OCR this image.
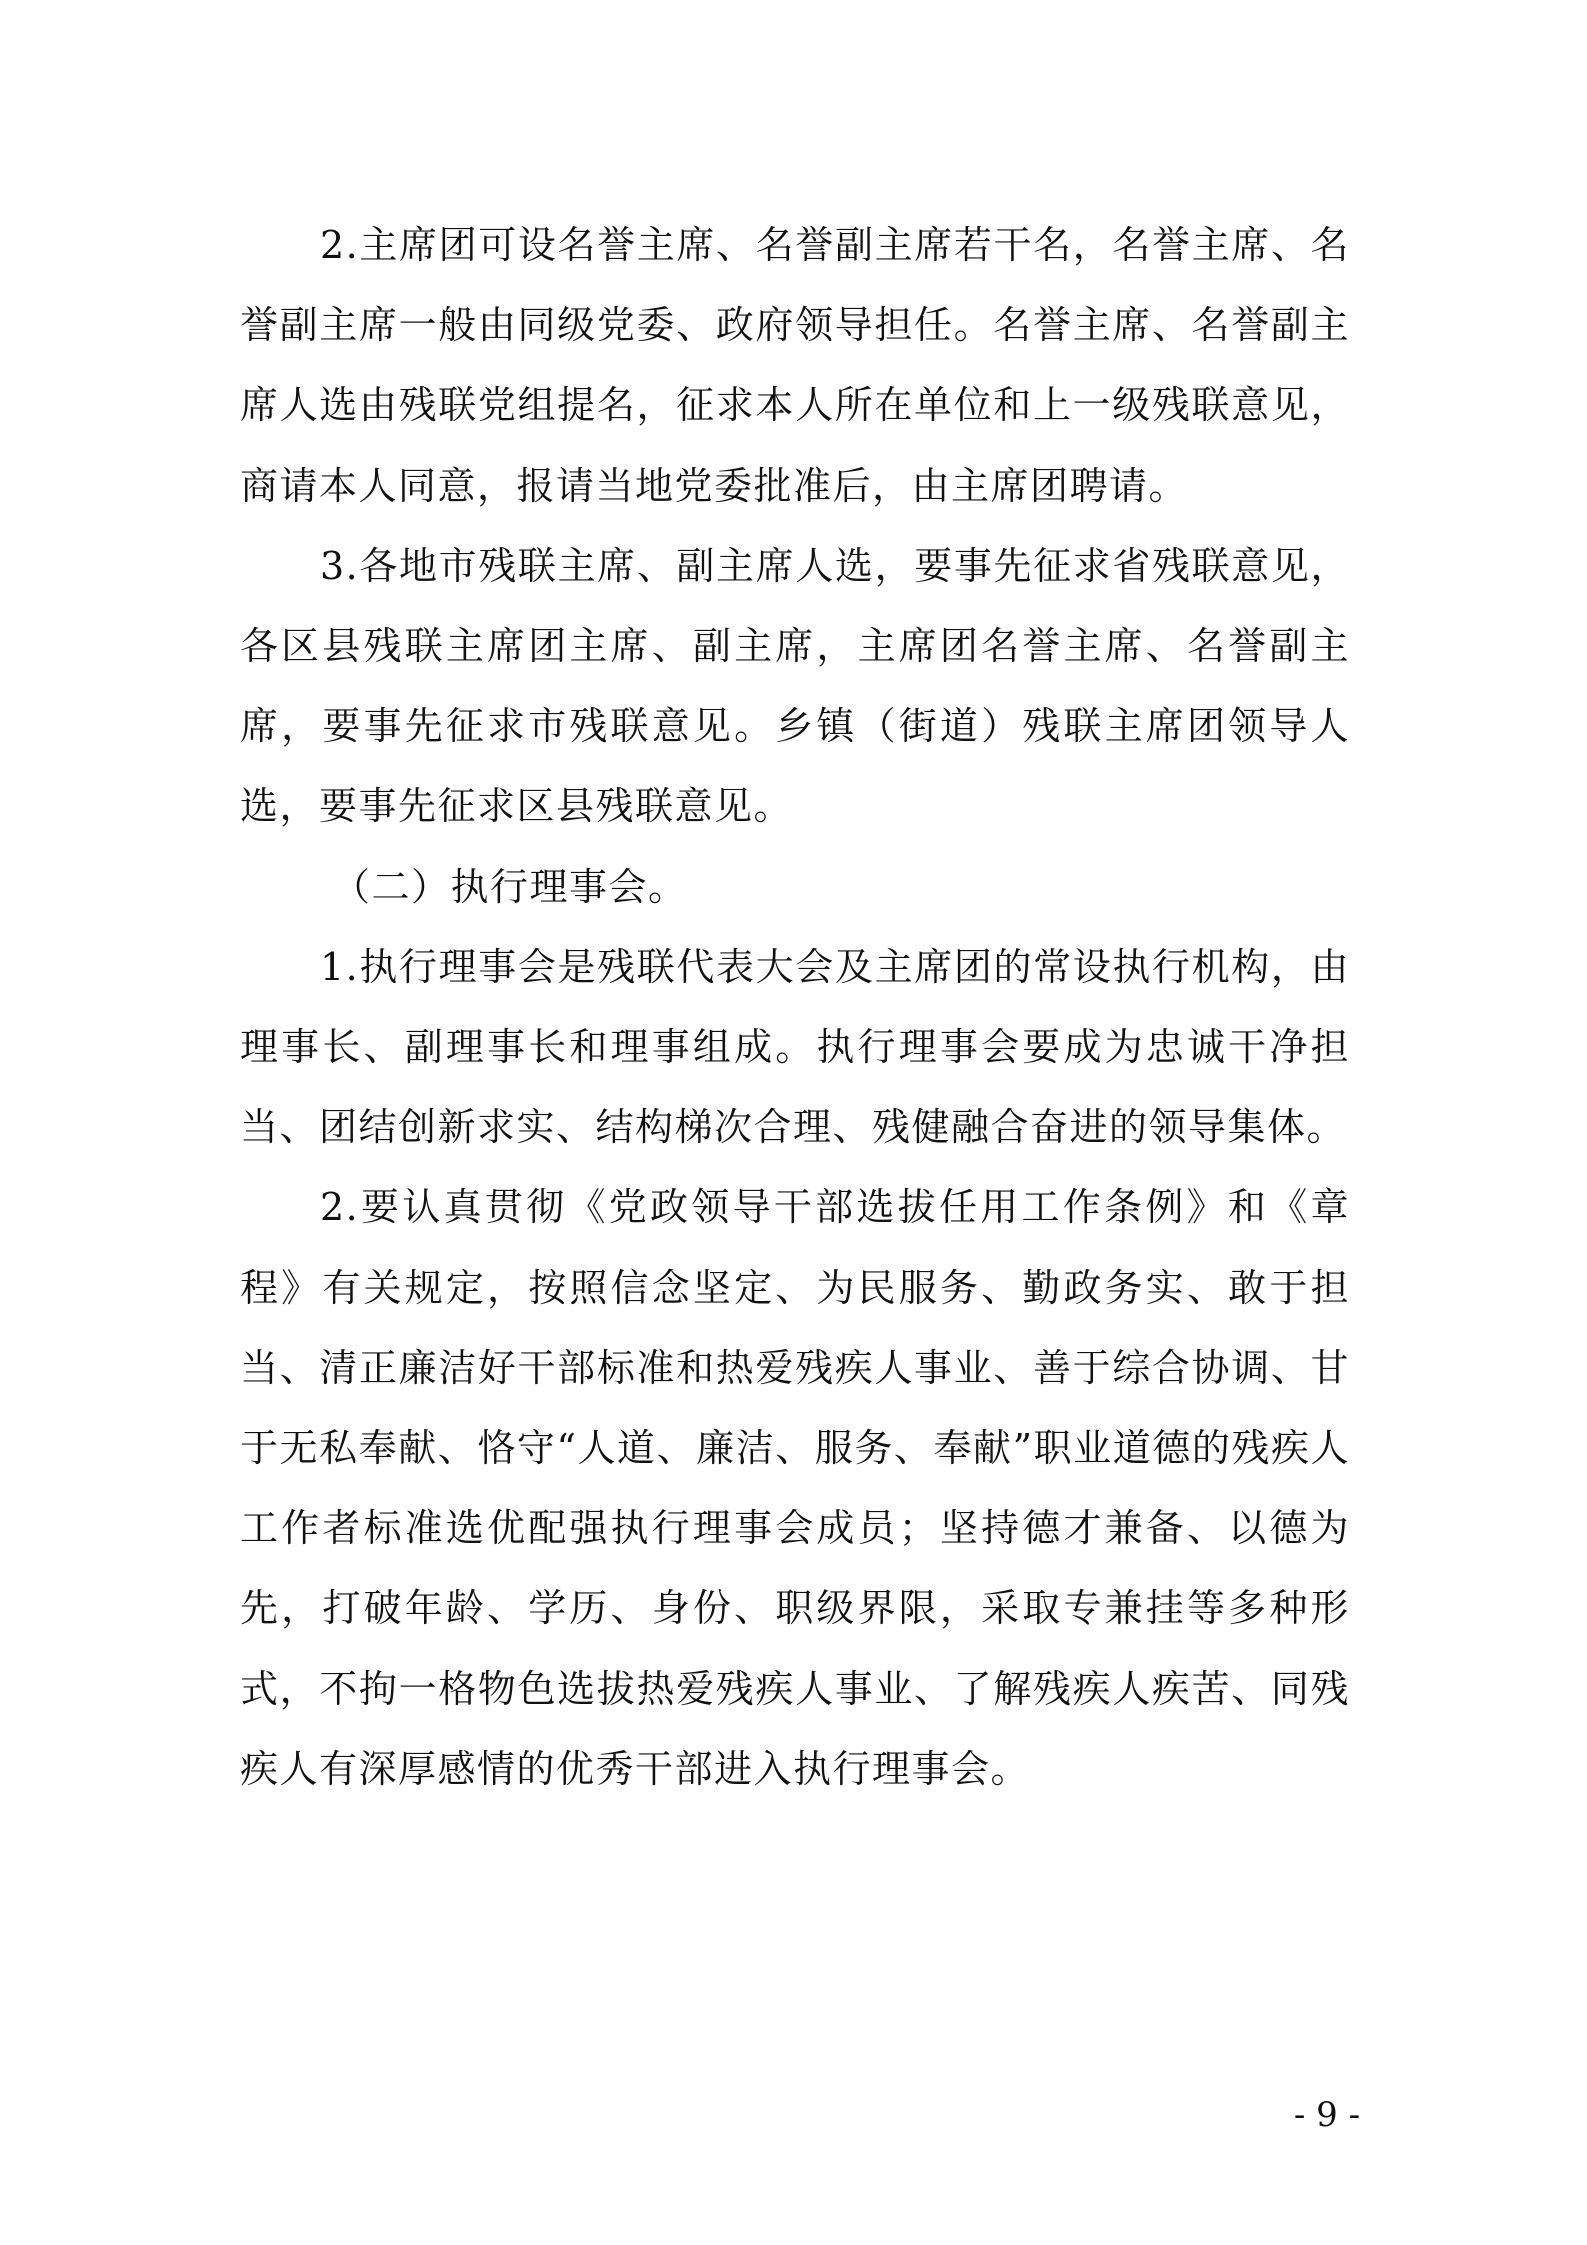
2.主席团可设名誉主席、名誉副主席若干名，名誉主席、名誉副主席一般由同级党委、政府领导担任。名誉主席、名誉副主席人选由残联党组提名，征求本人所在单位和上一级残联意见，商请本人同意，报请当地党委批准后，由主席团聘请。

3.各地市残联主席、副主席人选，要事先征求省残联意见，各区县残联主席团主席、副主席，主席团名誉主席、名誉副主席，要事先征求市残联意见。乡镇（街道）残联主席团领导人选，要事先征求区县残联意见。

（二）执行理事会。

1.执行理事会是残联代表大会及主席团的常设执行机构，由理事长、副理事长和理事组成。执行理事会要成为忠诚干净担当、团结创新求实、结构梯次合理、残健融合奋进的领导集体。

2.要认真贯彻《党政领导干部选拔任用工作条例》和《章程》有关规定，按照信念坚定、为民服务、勤政务实、敢于担当、清正廉洁好干部标准和热爱残疾人事业、善于综合协调、甘于无私奉献、恪守“人道、廉洁、服务、奉献”职业道德的残疾人工作者标准选优配强执行理事会成员；坚持德才兼备、以德为先，打破年龄、学历、身份、职级界限，采取专兼挂等多种形式，不拘一格物色选拔热爱残疾人事业、了解残疾人疾苦、同残疾人有深厚感情的优秀干部进入执行理事会。

- 9 -
